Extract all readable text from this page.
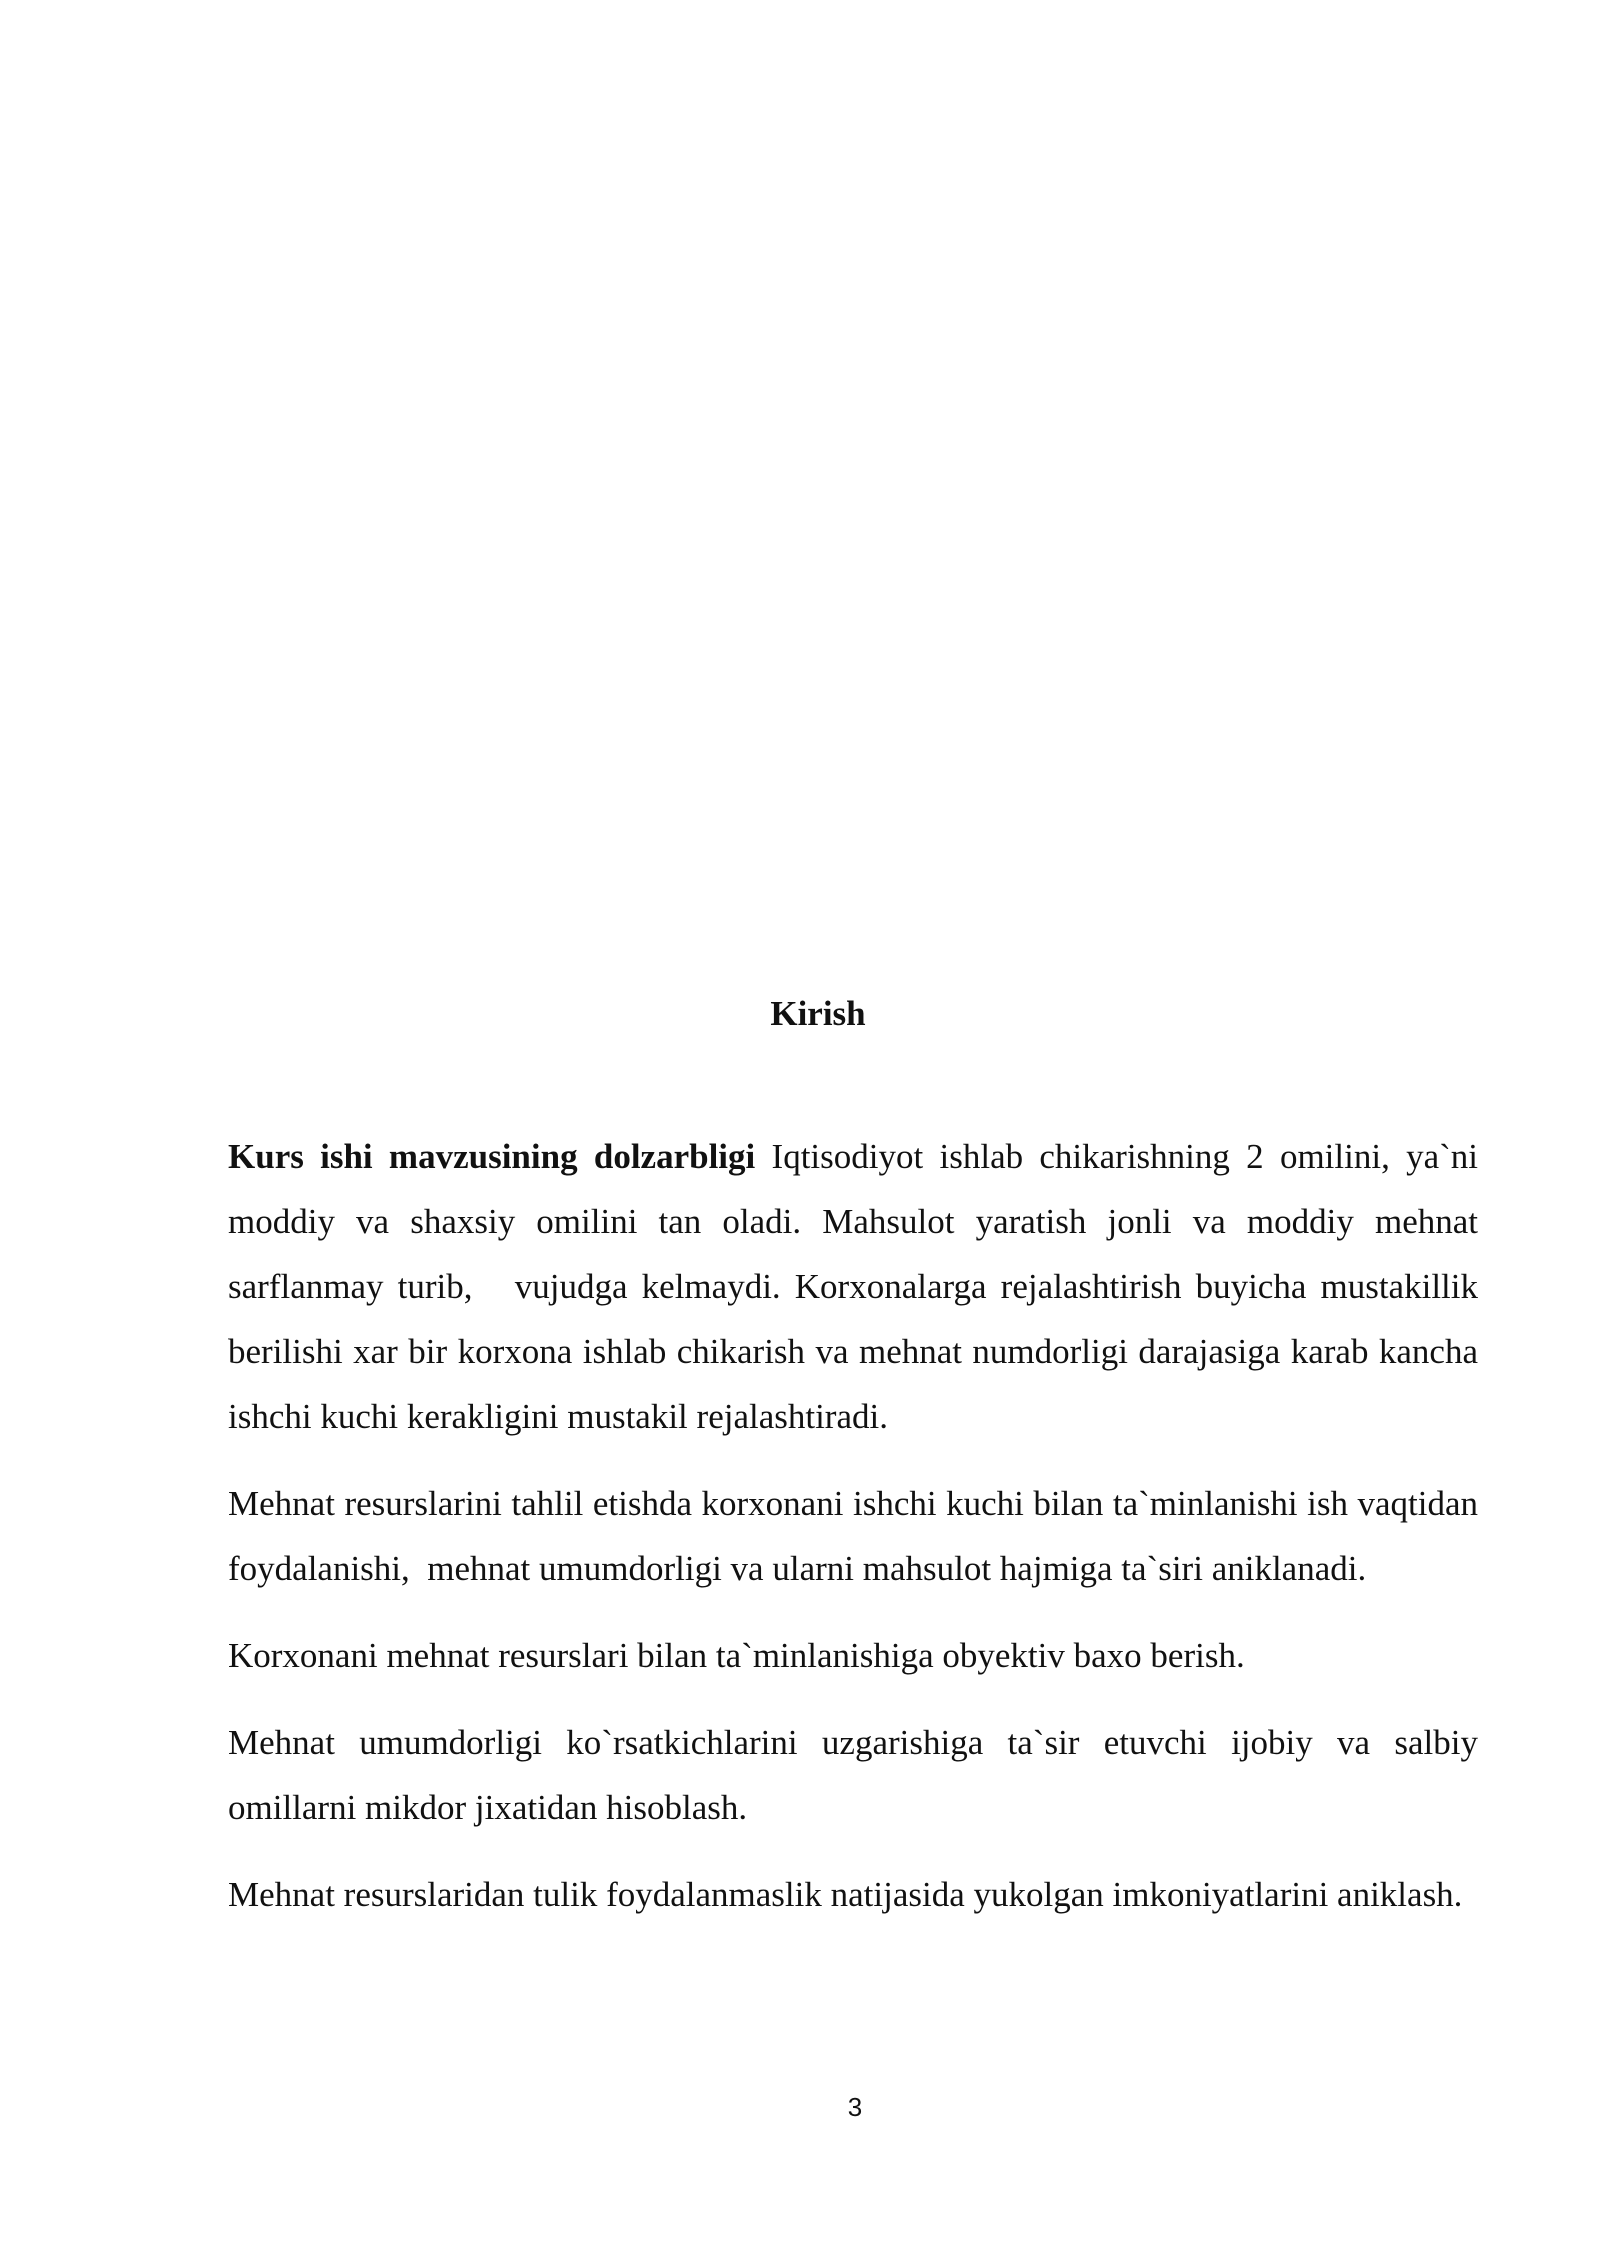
Kirish

Kurs ishi mavzusining dolzarbligi Iqtisodiyot ishlab chikarishning 2 omilini, ya`ni moddiy va shaxsiy omilini tan oladi. Mahsulot yaratish jonli va moddiy mehnat sarflanmay turib,   vujudga kelmaydi. Korxonalarga rejalashtirish buyicha mustakillik berilishi xar bir korxona ishlab chikarish va mehnat numdorligi darajasiga karab kancha ishchi kuchi kerakligini mustakil rejalashtiradi.

Mehnat resurslarini tahlil etishda korxonani ishchi kuchi bilan ta`minlanishi ish vaqtidan foydalanishi,  mehnat umumdorligi va ularni mahsulot hajmiga ta`siri aniklanadi.

Korxonani mehnat resurslari bilan ta`minlanishiga obyektiv baxo berish.

Mehnat umumdorligi ko`rsatkichlarini uzgarishiga ta`sir etuvchi ijobiy va salbiy omillarni mikdor jixatidan hisoblash.

Mehnat resurslaridan tulik foydalanmaslik natijasida yukolgan imkoniyatlarini aniklash.

3
